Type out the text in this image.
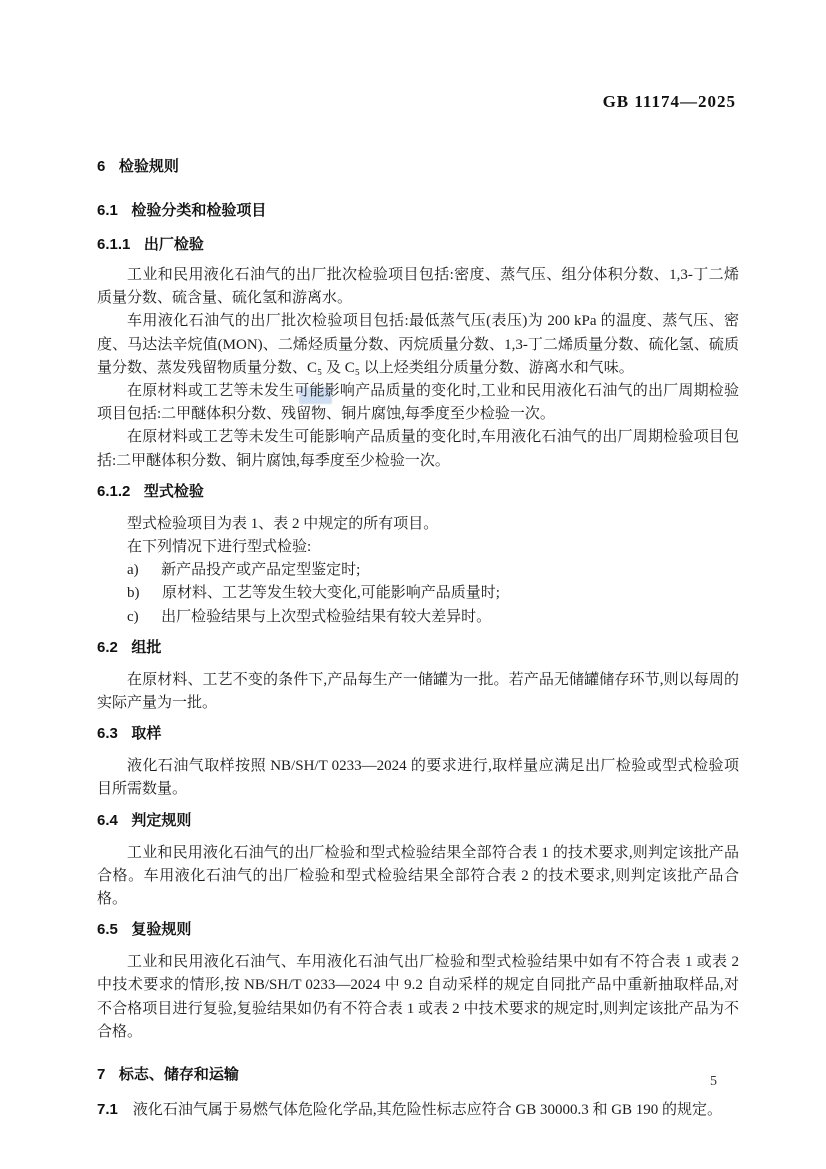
GB 11174—2025
6 检验规则
6.1 检验分类和检验项目
6.1.1 出厂检验

工业和民用液化石油气的出厂批次检验项目包括:密度、蒸气压、组分体积分数、1,3-丁二烯质量分数、硫含量、硫化氢和游离水。

车用液化石油气的出厂批次检验项目包括:最低蒸气压(表压)为 200 kPa 的温度、蒸气压、密度、马达法辛烷值(MON)、二烯烃质量分数、丙烷质量分数、1,3-丁二烯质量分数、硫化氢、硫质量分数、蒸发残留物质量分数、C₅ 及 C₅ 以上烃类组分质量分数、游离水和气味。

在原材料或工艺等未发生可能影响产品质量的变化时,工业和民用液化石油气的出厂周期检验项目包括:二甲醚体积分数、残留物、铜片腐蚀,每季度至少检验一次。

在原材料或工艺等未发生可能影响产品质量的变化时,车用液化石油气的出厂周期检验项目包括:二甲醚体积分数、铜片腐蚀,每季度至少检验一次。

6.1.2 型式检验

型式检验项目为表 1、表 2 中规定的所有项目。

在下列情况下进行型式检验:

a) 新产品投产或产品定型鉴定时;

b) 原材料、工艺等发生较大变化,可能影响产品质量时;

c) 出厂检验结果与上次型式检验结果有较大差异时。

6.2 组批

在原材料、工艺不变的条件下,产品每生产一储罐为一批。若产品无储罐储存环节,则以每周的实际产量为一批。

6.3 取样

液化石油气取样按照 NB/SH/T 0233—2024 的要求进行,取样量应满足出厂检验或型式检验项目所需数量。

6.4 判定规则

工业和民用液化石油气的出厂检验和型式检验结果全部符合表 1 的技术要求,则判定该批产品合格。车用液化石油气的出厂检验和型式检验结果全部符合表 2 的技术要求,则判定该批产品合格。

6.5 复验规则

工业和民用液化石油气、车用液化石油气出厂检验和型式检验结果中如有不符合表 1 或表 2 中技术要求的情形,按 NB/SH/T 0233—2024 中 9.2 自动采样的规定自同批产品中重新抽取样品,对不合格项目进行复验,复验结果如仍有不符合表 1 或表 2 中技术要求的规定时,则判定该批产品为不合格。

7 标志、储存和运输

7.1 液化石油气属于易燃气体危险化学品,其危险性标志应符合 GB 30000.3 和 GB 190 的规定。

5
